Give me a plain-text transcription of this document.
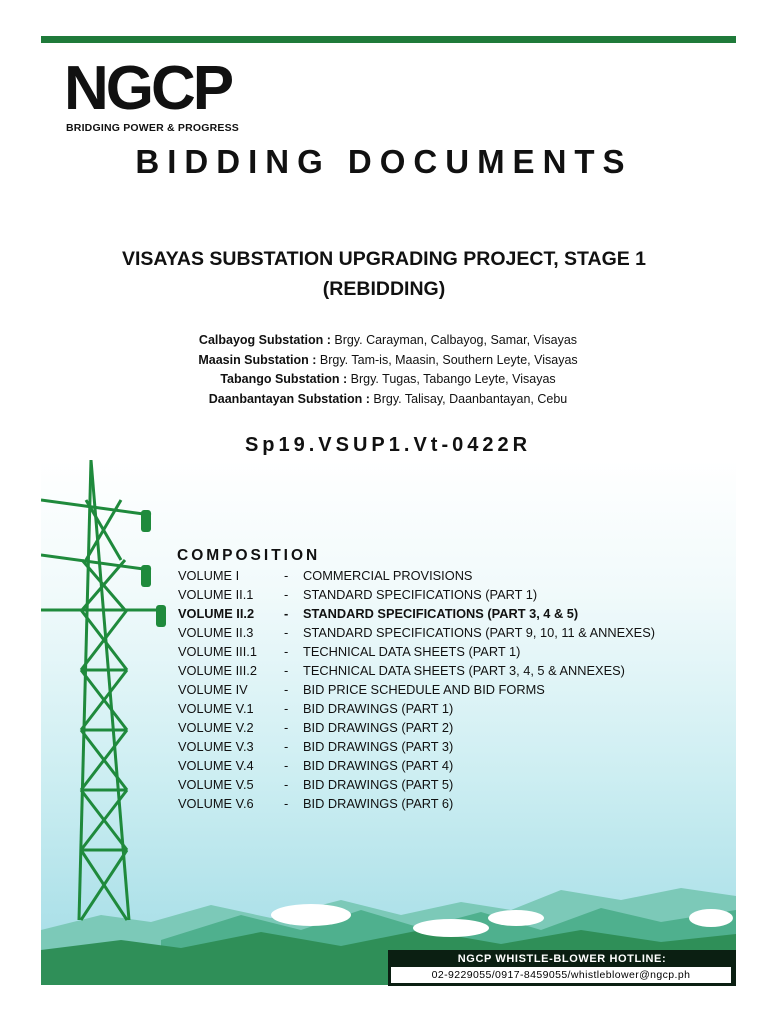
NGCP
BRIDGING POWER & PROGRESS
BIDDING DOCUMENTS
VISAYAS SUBSTATION UPGRADING PROJECT, STAGE 1
(REBIDDING)
Calbayog Substation : Brgy. Carayman, Calbayog, Samar, Visayas
Maasin Substation : Brgy. Tam-is, Maasin, Southern Leyte, Visayas
Tabango Substation : Brgy. Tugas, Tabango Leyte, Visayas
Daanbantayan Substation : Brgy. Talisay, Daanbantayan, Cebu
Sp19.VSUP1.Vt-0422R
COMPOSITION
VOLUME I	- COMMERCIAL PROVISIONS
VOLUME II.1 - STANDARD SPECIFICATIONS (PART 1)
VOLUME II.2 - STANDARD SPECIFICATIONS (PART 3, 4 & 5)
VOLUME II.3 - STANDARD SPECIFICATIONS (PART 9, 10, 11 & ANNEXES)
VOLUME III.1 - TECHNICAL DATA SHEETS (PART 1)
VOLUME III.2 - TECHNICAL DATA SHEETS (PART 3, 4, 5 & ANNEXES)
VOLUME IV	- BID PRICE SCHEDULE AND BID FORMS
VOLUME V.1 - BID DRAWINGS (PART 1)
VOLUME V.2 - BID DRAWINGS (PART 2)
VOLUME V.3 - BID DRAWINGS (PART 3)
VOLUME V.4 - BID DRAWINGS (PART 4)
VOLUME V.5 - BID DRAWINGS (PART 5)
VOLUME V.6 - BID DRAWINGS (PART 6)
NGCP WHISTLE-BLOWER HOTLINE:
02-9229055/0917-8459055/whistleblower@ngcp.ph
